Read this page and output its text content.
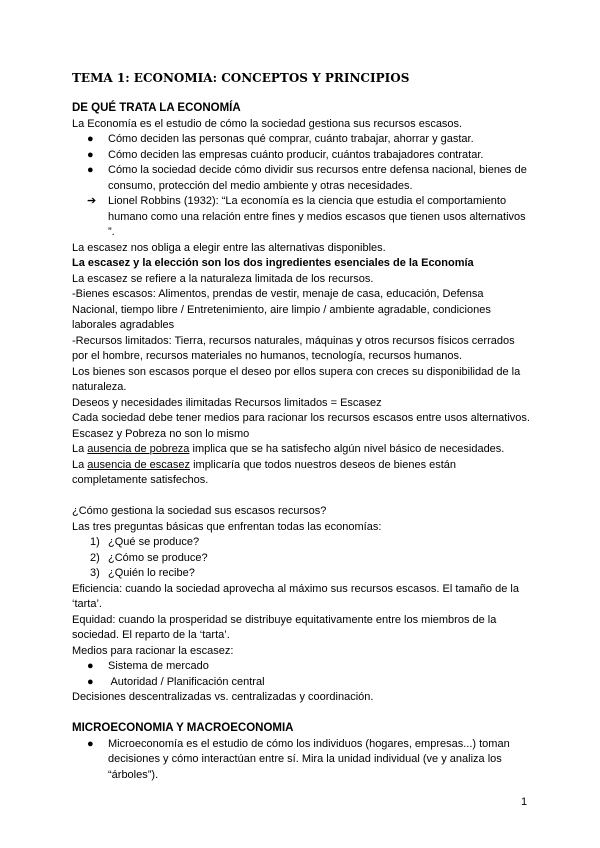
TEMA 1: ECONOMIA: CONCEPTOS Y PRINCIPIOS
DE QUÉ TRATA LA ECONOMÍA

La Economía es el estudio de cómo la sociedad gestiona sus recursos escasos.

● Cómo deciden las personas qué comprar, cuánto trabajar, ahorrar y gastar.
● Cómo deciden las empresas cuánto producir, cuántos trabajadores contratar.
● Cómo la sociedad decide cómo dividir sus recursos entre defensa nacional, bienes de consumo, protección del medio ambiente y otras necesidades.
➔ Lionel Robbins (1932): “La economía es la ciencia que estudia el comportamiento humano como una relación entre fines y medios escasos que tienen usos alternativos ”.

La escasez nos obliga a elegir entre las alternativas disponibles.

La escasez y la elección son los dos ingredientes esenciales de la Economía

La escasez se refiere a la naturaleza limitada de los recursos.

-Bienes escasos: Alimentos, prendas de vestir, menaje de casa, educación, Defensa Nacional, tiempo libre / Entretenimiento, aire limpio / ambiente agradable, condiciones laborales agradables

-Recursos limitados: Tierra, recursos naturales, máquinas y otros recursos físicos cerrados por el hombre, recursos materiales no humanos, tecnología, recursos humanos.

Los bienes son escasos porque el deseo por ellos supera con creces su disponibilidad de la naturaleza.

Deseos y necesidades ilimitadas Recursos limitados = Escasez

Cada sociedad debe tener medios para racionar los recursos escasos entre usos alternativos.

Escasez y Pobreza no son lo mismo

La ausencia de pobreza implica que se ha satisfecho algún nivel básico de necesidades.

La ausencia de escasez implicaría que todos nuestros deseos de bienes están completamente satisfechos.

¿Cómo gestiona la sociedad sus escasos recursos?

Las tres preguntas básicas que enfrentan todas las economías:

1) ¿Qué se produce?
2) ¿Cómo se produce?
3) ¿Quién lo recibe?

Eficiencia: cuando la sociedad aprovecha al máximo sus recursos escasos. El tamaño de la ‘tarta’.

Equidad: cuando la prosperidad se distribuye equitativamente entre los miembros de la sociedad. El reparto de la ‘tarta’.

Medios para racionar la escasez:

● Sistema de mercado
● Autoridad / Planificación central

Decisiones descentralizadas vs. centralizadas y coordinación.

MICROECONOMIA Y MACROECONOMIA
● Microeconomía es el estudio de cómo los individuos (hogares, empresas...) toman decisiones y cómo interactúan entre sí. Mira la unidad individual (ve y analiza los “árboles”).
1
